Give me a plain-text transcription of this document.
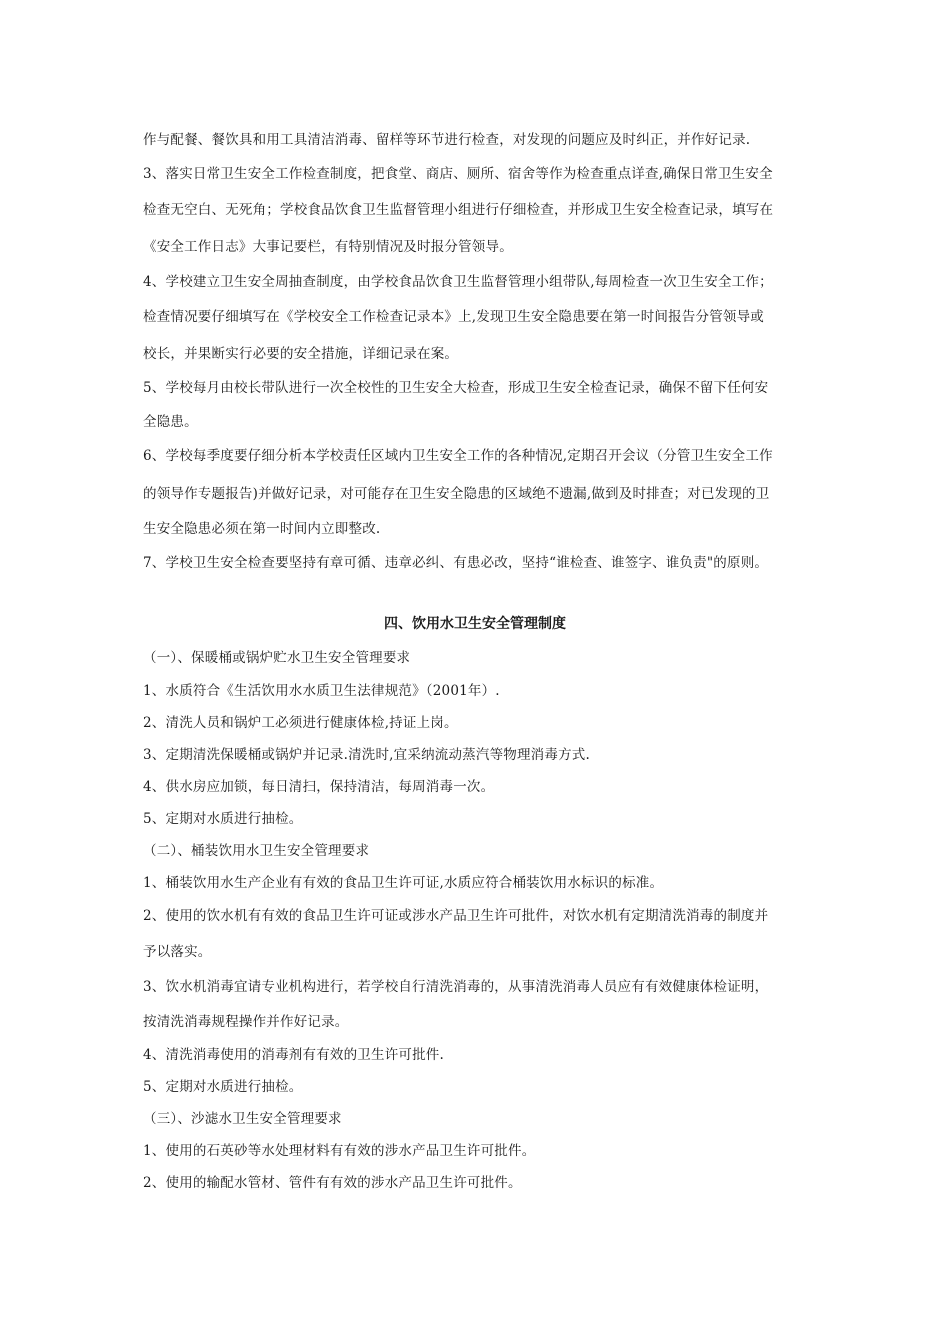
作与配餐、餐饮具和用工具清洁消毒、留样等环节进行检查，对发现的问题应及时纠正，并作好记录.
3、落实日常卫生安全工作检查制度，把食堂、商店、厕所、宿舍等作为检查重点详查,确保日常卫生安全
检查无空白、无死角；学校食品饮食卫生监督管理小组进行仔细检查，并形成卫生安全检查记录，填写在
《安全工作日志》大事记要栏，有特别情况及时报分管领导。
4、学校建立卫生安全周抽查制度，由学校食品饮食卫生监督管理小组带队,每周检查一次卫生安全工作；
检查情况要仔细填写在《学校安全工作检查记录本》上,发现卫生安全隐患要在第一时间报告分管领导或
校长，并果断实行必要的安全措施，详细记录在案。
5、学校每月由校长带队进行一次全校性的卫生安全大检查，形成卫生安全检查记录，确保不留下任何安
全隐患。
6、学校每季度要仔细分析本学校责任区域内卫生安全工作的各种情况,定期召开会议（分管卫生安全工作
的领导作专题报告)并做好记录，对可能存在卫生安全隐患的区域绝不遗漏,做到及时排查；对已发现的卫
生安全隐患必须在第一时间内立即整改.
7、学校卫生安全检查要坚持有章可循、违章必纠、有患必改，坚持“谁检查、谁签字、谁负责"的原则。
四、饮用水卫生安全管理制度
（一）、保暖桶或锅炉贮水卫生安全管理要求
1、水质符合《生活饮用水水质卫生法律规范》（2001年）.
2、清洗人员和锅炉工必须进行健康体检,持证上岗。
3、定期清洗保暖桶或锅炉并记录.清洗时,宜采纳流动蒸汽等物理消毒方式.
4、供水房应加锁，每日清扫，保持清洁，每周消毒一次。
5、定期对水质进行抽检。
（二）、桶装饮用水卫生安全管理要求
1、桶装饮用水生产企业有有效的食品卫生许可证,水质应符合桶装饮用水标识的标准。
2、使用的饮水机有有效的食品卫生许可证或涉水产品卫生许可批件，对饮水机有定期清洗消毒的制度并
予以落实。
3、饮水机消毒宜请专业机构进行，若学校自行清洗消毒的，从事清洗消毒人员应有有效健康体检证明，
按清洗消毒规程操作并作好记录。
4、清洗消毒使用的消毒剂有有效的卫生许可批件.
5、定期对水质进行抽检。
（三）、沙滤水卫生安全管理要求
1、使用的石英砂等水处理材料有有效的涉水产品卫生许可批件。
2、使用的输配水管材、管件有有效的涉水产品卫生许可批件。
